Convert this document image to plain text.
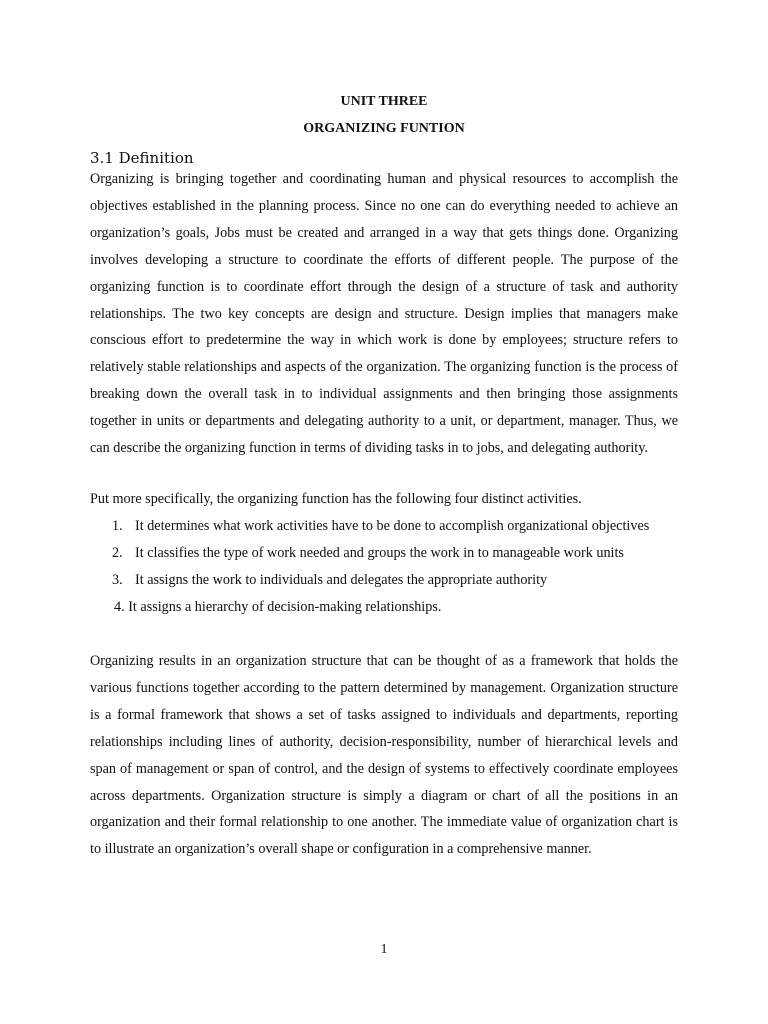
UNIT THREE
ORGANIZING FUNTION
3.1 Definition

Organizing is bringing together and coordinating human and physical resources to accomplish the objectives established in the planning process. Since no one can do everything needed to achieve an organization’s goals, Jobs must be created and arranged in a way that gets things done. Organizing involves developing a structure to coordinate the efforts of different people. The purpose of the organizing function is to coordinate effort through the design of a structure of task and authority relationships. The two key concepts are design and structure. Design implies that managers make conscious effort to predetermine the way in which work is done by employees; structure refers to relatively stable relationships and aspects of the organization. The organizing function is the process of breaking down the overall task in to individual assignments and then bringing those assignments together in units or departments and delegating authority to a unit, or department, manager. Thus, we can describe the organizing function in terms of dividing tasks in to jobs, and delegating authority.

Put more specifically, the organizing function has the following four distinct activities.

1. It determines what work activities have to be done to accomplish organizational objectives
2. It classifies the type of work needed and groups the work in to manageable work units
3. It assigns the work to individuals and delegates the appropriate authority
4. It assigns a hierarchy of decision-making relationships.

Organizing results in an organization structure that can be thought of as a framework that holds the various functions together according to the pattern determined by management. Organization structure is a formal framework that shows a set of tasks assigned to individuals and departments, reporting relationships including lines of authority, decision-responsibility, number of hierarchical levels and span of management or span of control, and the design of systems to effectively coordinate employees across departments. Organization structure is simply a diagram or chart of all the positions in an organization and their formal relationship to one another. The immediate value of organization chart is to illustrate an organization’s overall shape or configuration in a comprehensive manner.

1
